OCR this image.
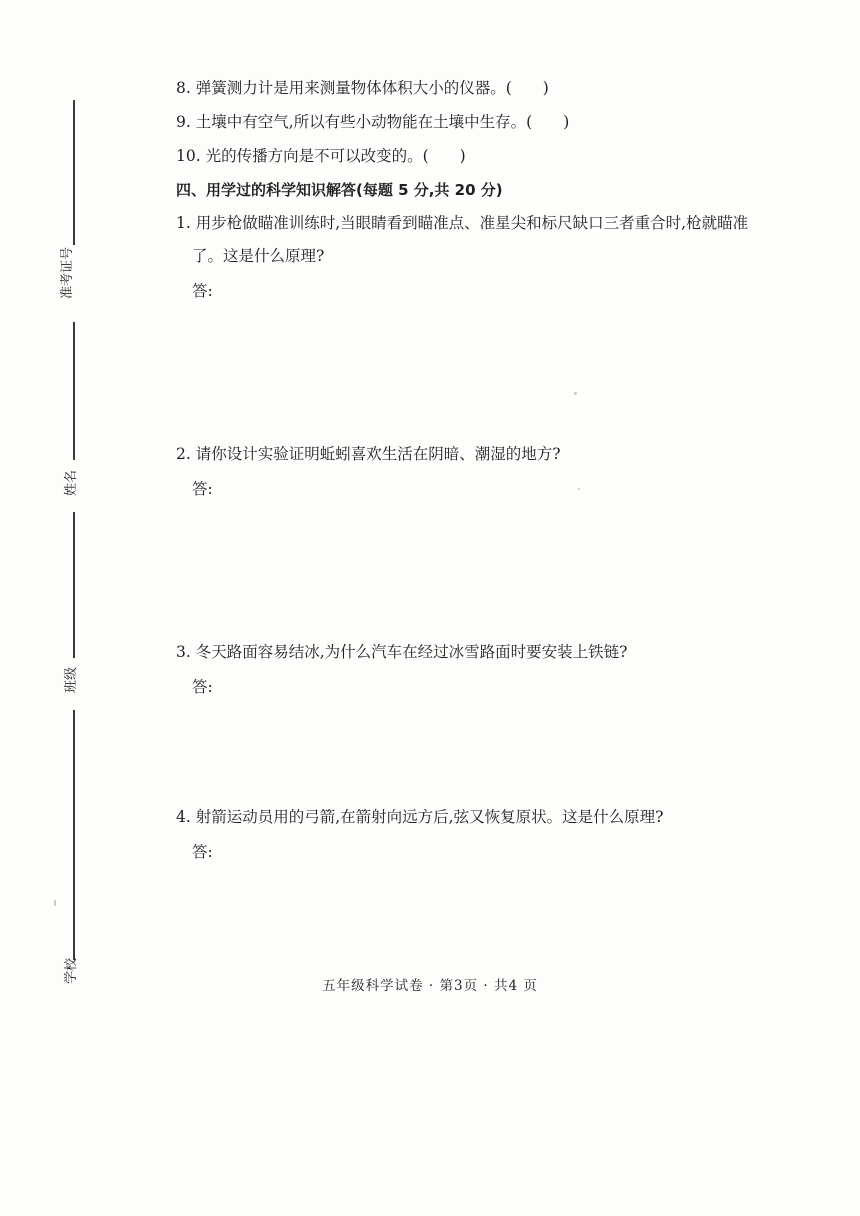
准考证号
姓名
班级
学校
8. 弹簧测力计是用来测量物体体积大小的仪器。(　　)
9. 土壤中有空气,所以有些小动物能在土壤中生存。(　　)
10. 光的传播方向是不可以改变的。(　　)
四、用学过的科学知识解答(每题 5 分,共 20 分)
1. 用步枪做瞄准训练时,当眼睛看到瞄准点、准星尖和标尺缺口三者重合时,枪就瞄准
了。这是什么原理?
答:
2. 请你设计实验证明蚯蚓喜欢生活在阴暗、潮湿的地方?
答:
3. 冬天路面容易结冰,为什么汽车在经过冰雪路面时要安装上铁链?
答:
4. 射箭运动员用的弓箭,在箭射向远方后,弦又恢复原状。这是什么原理?
答:
五年级科学试卷 · 第3页 · 共4 页
